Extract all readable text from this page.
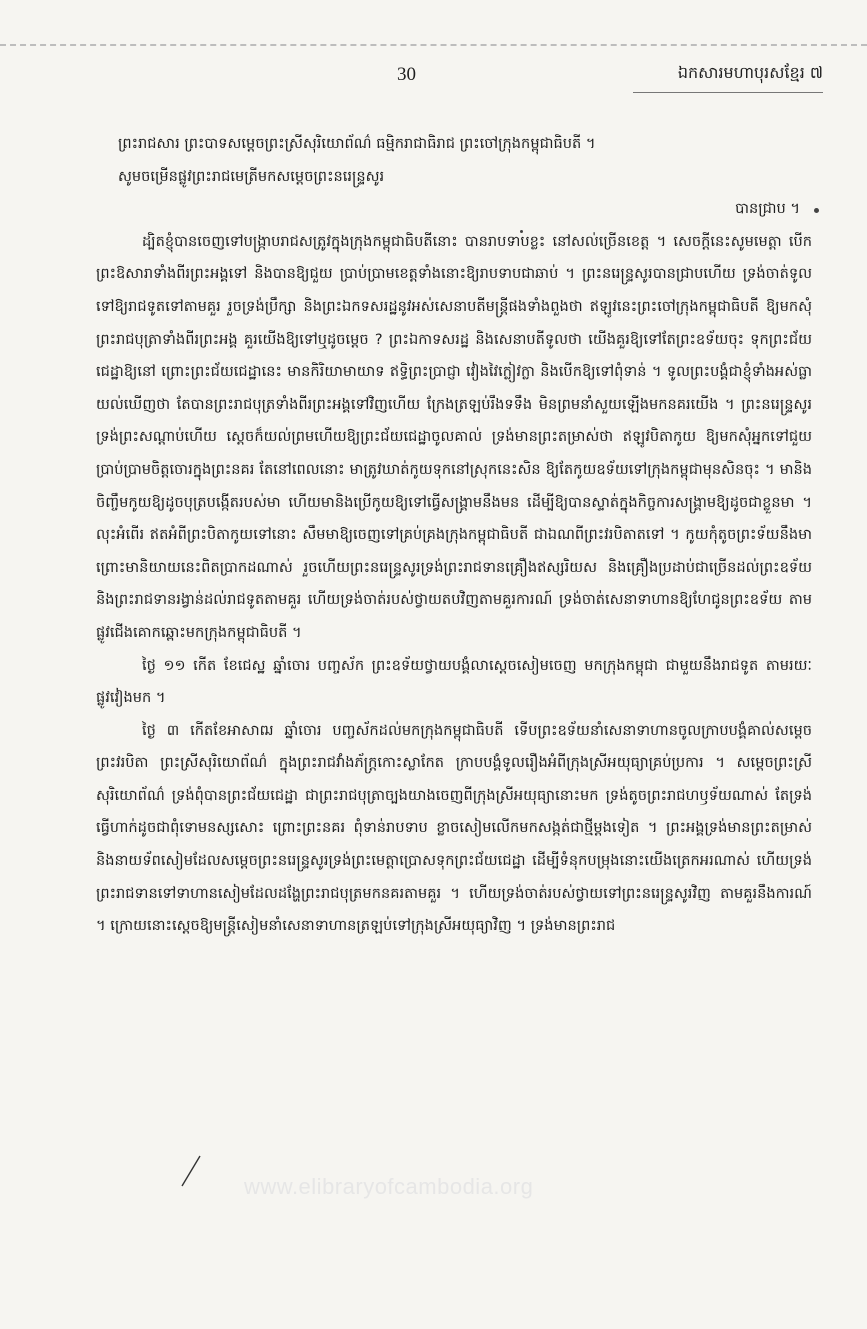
30	ឯកសារមហាបុរសខ្មែរ ៧

ព្រះរាជសារ ព្រះបាទសម្តេចព្រះស្រីសុរិយោព័ណ៌ ធម្មិករាជាធិរាជ ព្រះចៅក្រុងកម្ពុជាធិបតី ។

សូមចម្រើនផ្លូវព្រះរាជមេត្រីមកសម្តេចព្រះនរេន្ទ្រសូរ

បានជ្រាប ។

ដ្បិតខ្ញុំបានចេញទៅបង្ក្រាបរាជសត្រូវក្នុងក្រុងកម្ពុជាធិបតីនោះ បានរាបទាបខ្លះ នៅសល់ច្រើនខេត្ត ។ សេចក្តីនេះសូមមេត្តា បើកព្រះឱសារាទាំងពីរព្រះអង្គទៅ និងបានឱ្យជួយ ប្រាប់ប្រាមខេត្តទាំងនោះឱ្យរាបទាបជាឆាប់ ។ ព្រះនរេន្ទ្រសូរបានជ្រាបហើយ ទ្រង់ចាត់ទូលទៅឱ្យរាជទូតទៅតាមគួរ រួចទ្រង់ប្រឹក្សា និងព្រះឯកទសរដ្ឋនូវអស់សេនាបតីមន្ត្រីផងទាំងពួងថា ឥឡូវនេះព្រះចៅក្រុងកម្ពុជាធិបតី ឱ្យមកសុំព្រះរាជបុត្រាទាំងពីរព្រះអង្គ គួរយើងឱ្យទៅឬដូចម្តេច ? ព្រះឯកាទសរដ្ឋ និងសេនាបតីទូលថា យើងគួរឱ្យទៅតែព្រះឧទ័យចុះ ទុកព្រះជ័យជេដ្ឋាឱ្យនៅ ព្រោះព្រះជ័យជេដ្ឋានេះ មានកិរិយាមាយាទ ឥទ្ធិព្រះប្រាជ្ញា វៀងវៃក្លៀវក្លា និងបើកឱ្យទៅពុំទាន់ ។ ទូលព្រះបង្គំជាខ្ញុំទាំងអស់ធ្លាយល់ឃើញថា តែបានព្រះរាជបុត្រទាំងពីរព្រះអង្គទៅវិញហើយ ក្រែងត្រឡប់រឹងទទឹង មិនព្រមនាំសួយឡើងមកនគរយើង ។ ព្រះនរេន្ទ្រសូរទ្រង់ព្រះសណ្តាប់ហើយ ស្តេចក៏យល់ព្រមហើយឱ្យព្រះជ័យជេដ្ឋាចូលគាល់ ទ្រង់មានព្រះតម្រាស់ថា ឥឡូវបិតាកូយ ឱ្យមកសុំអ្នកទៅជួយប្រាប់ប្រាមចិត្តចោរក្នុងព្រះនគរ តែនៅពេលនោះ មាត្រូវឃាត់កូយទុកនៅស្រុកនេះសិន ឱ្យតែកូយឧទ័យទៅក្រុងកម្ពុជាមុនសិនចុះ ។ មានិងចិញ្ចឹមកូយឱ្យដូចបុត្របង្កើតរបស់មា ហើយមានិងប្រើកូយឱ្យទៅធ្វើសង្គ្រាមនឹងមន ដើម្បីឱ្យបានស្ទាត់ក្នុងកិច្ចការសង្គ្រាមឱ្យដូចជាខ្លួនមា ។ លុះអំពើរ ឥតអំពីព្រះបិតាកូយទៅនោះ សឹមមាឱ្យចេញទៅគ្រប់គ្រងក្រុងកម្ពុជាធិបតី ជាឯណពីព្រះវរបិតាតទៅ ។ កូយកុំតូចព្រះទ័យនឹងមា ព្រោះមានិយាយនេះពិតប្រាកដណាស់ រួចហើយព្រះនរេន្ទ្រសូរទ្រង់ព្រះរាជទានគ្រឿងឥស្សរិយស និងគ្រឿងប្រដាប់ជាច្រើនដល់ព្រះឧទ័យ និងព្រះរាជទានរង្វាន់ដល់រាជទូតតាមគួរ ហើយទ្រង់ចាត់របស់ថ្វាយតបវិញតាមគួរការណ៍ ទ្រង់ចាត់សេនាទាហានឱ្យហែជូនព្រះឧទ័យ តាមផ្លូវជើងគោកឆ្ពោះមកក្រុងកម្ពុជាធិបតី ។

ថ្ងៃ ១១ កើត ខែជេស្ឋ ឆ្នាំចោរ បញ្ចស័ក ព្រះឧទ័យថ្វាយបង្គំលាស្តេចសៀមចេញ មកក្រុងកម្ពុជា ជាមួយនឹងរាជទូត តាមរយៈផ្លូវវៀងមក ។

ថ្ងៃ ៣ កើតខែអាសាឍ ឆ្នាំចោរ បញ្ចស័កដល់មកក្រុងកម្ពុជាធិបតី ទើបព្រះឧទ័យនាំសេនាទាហានចូលក្រាបបង្គំគាល់សម្តេចព្រះវរបិតា ព្រះស្រីសុរិយោព័ណ៌ ក្នុងព្រះរាជវាំងភ័ក្ត្រកោះស្លាកែត ក្រាបបង្គំទូលរឿងអំពីក្រុងស្រីអយុធ្យាគ្រប់ប្រការ ។ សម្តេចព្រះស្រីសុរិយោព័ណ៌ ទ្រង់ពុំបានព្រះជ័យជេដ្ឋា ជាព្រះរាជបុត្រាច្បងយាងចេញពីក្រុងស្រីអយុធ្យានោះមក ទ្រង់តូចព្រះរាជហឫទ័យណាស់ តែទ្រង់ធ្វើហាក់ដូចជាពុំទោមនស្សសោះ ព្រោះព្រះនគរ ពុំទាន់រាបទាប ខ្លាចសៀមលើកមកសង្កត់ជាថ្មីម្តងទៀត ។ ព្រះអង្គទ្រង់មានព្រះតម្រាស់ និងនាយទ័ពសៀមដែលសម្តេចព្រះនរេន្ទ្រសូរទ្រង់ព្រះមេត្តាប្រោសទុកព្រះជ័យជេដ្ឋា ដើម្បីទំនុកបម្រុងនោះយើងត្រេកអរណាស់ ហើយទ្រង់ព្រះរាជទានទៅទាហានសៀមដែលដង្ហែព្រះរាជបុត្រមកនគរតាមគួរ ។ ហើយទ្រង់ចាត់របស់ថ្វាយទៅព្រះនរេន្ទ្រសូរវិញ តាមគួរនឹងការណ៍ ។ ក្រោយនោះស្តេចឱ្យមន្ត្រីសៀមនាំសេនាទាហានត្រឡប់ទៅក្រុងស្រីអយុធ្យាវិញ ។ ទ្រង់មានព្រះរាជ

www.elibraryofcambodia.org
